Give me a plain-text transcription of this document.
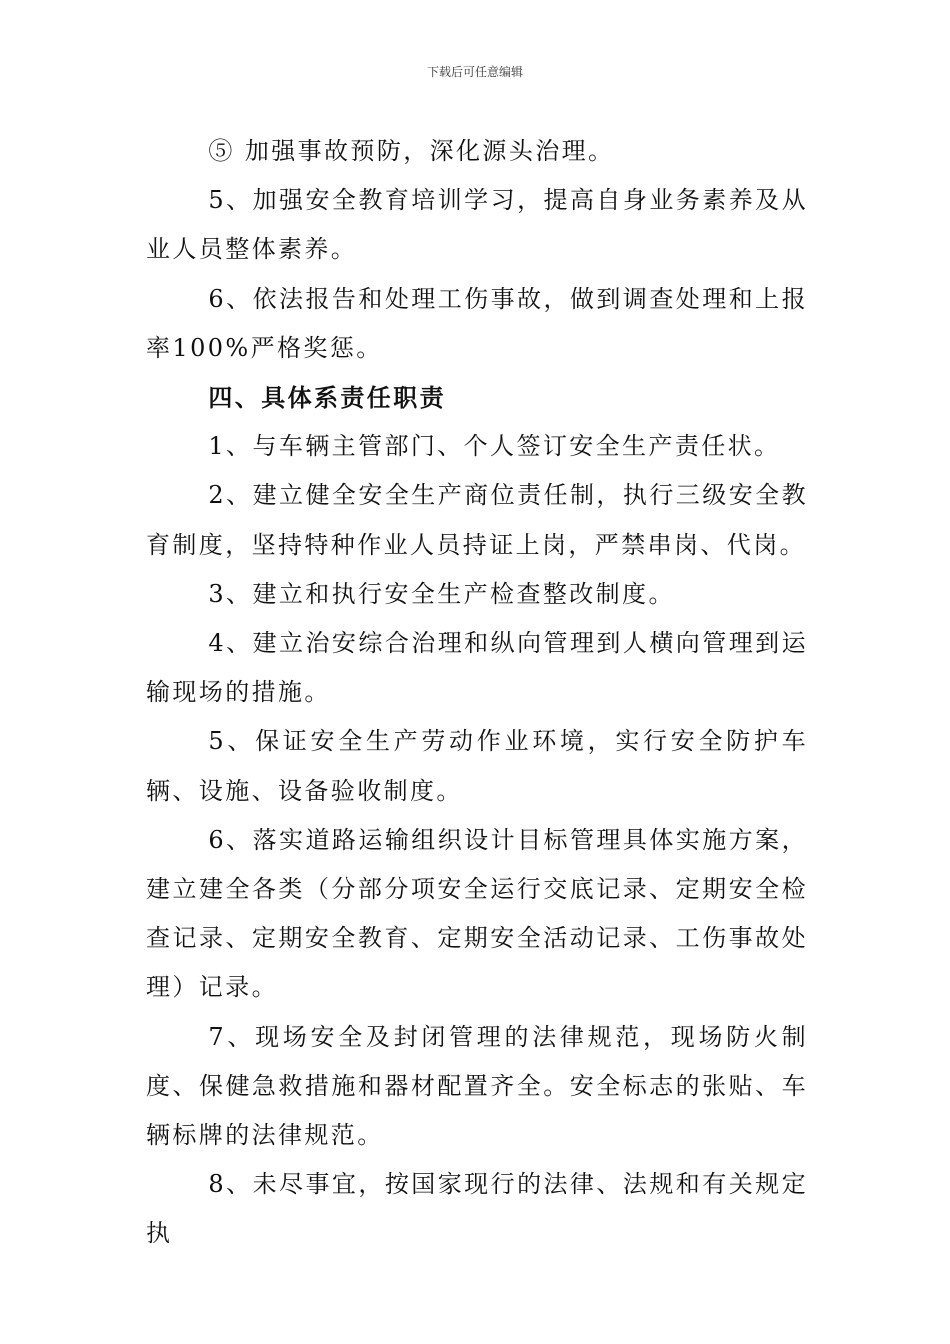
下载后可任意编辑

⑤ 加强事故预防，深化源头治理。

5、加强安全教育培训学习，提高自身业务素养及从业人员整体素养。

6、依法报告和处理工伤事故，做到调查处理和上报率100%严格奖惩。

四、具体系责任职责

1、与车辆主管部门、个人签订安全生产责任状。

2、建立健全安全生产商位责任制，执行三级安全教育制度，坚持特种作业人员持证上岗，严禁串岗、代岗。

3、建立和执行安全生产检查整改制度。

4、建立治安综合治理和纵向管理到人横向管理到运输现场的措施。

5、保证安全生产劳动作业环境，实行安全防护车辆、设施、设备验收制度。

6、落实道路运输组织设计目标管理具体实施方案，建立建全各类（分部分项安全运行交底记录、定期安全检查记录、定期安全教育、定期安全活动记录、工伤事故处理）记录。

7、现场安全及封闭管理的法律规范，现场防火制度、保健急救措施和器材配置齐全。安全标志的张贴、车辆标牌的法律规范。

8、未尽事宜，按国家现行的法律、法规和有关规定执
